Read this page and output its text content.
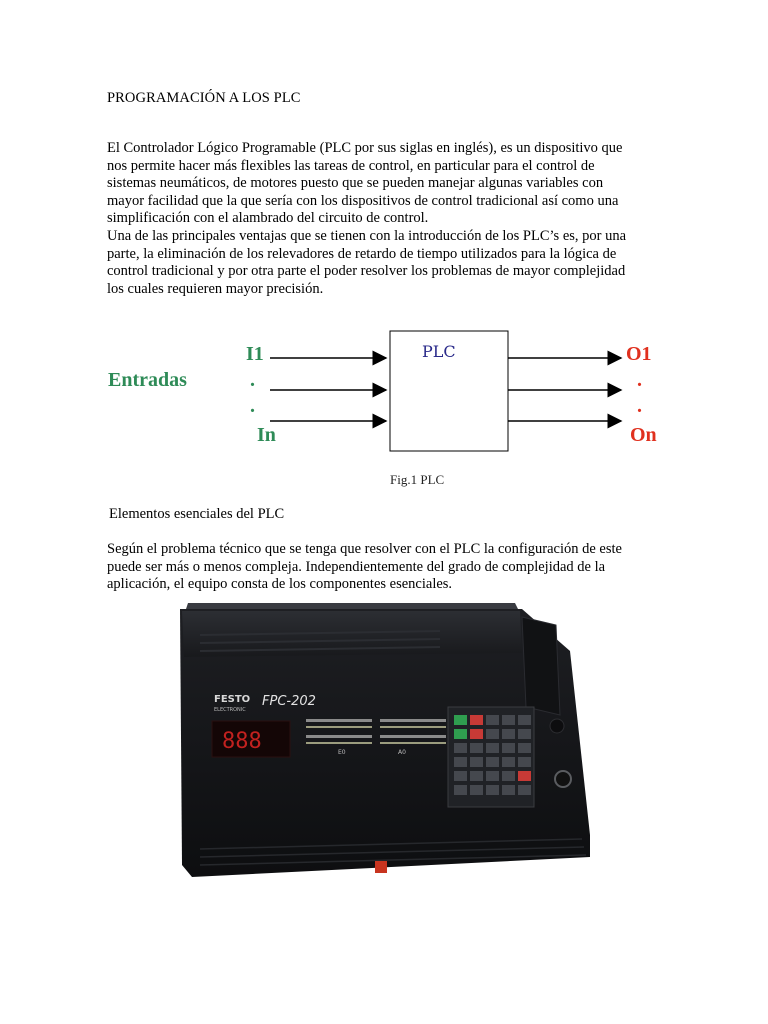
PROGRAMACIÓN A LOS PLC
El Controlador Lógico Programable (PLC por sus siglas en inglés), es un dispositivo que
nos permite hacer más flexibles las tareas de control, en particular para el control de
sistemas neumáticos, de motores puesto que se pueden manejar algunas variables con
mayor facilidad que la que sería con los dispositivos de control tradicional así como una
simplificación con el alambrado del circuito de control.
Una de las principales ventajas que se tienen con la introducción de los PLC’s es, por una
parte, la eliminación de los relevadores de retardo de tiempo utilizados para la lógica de
control tradicional y por otra parte el poder resolver los problemas de mayor complejidad
los cuales requieren mayor precisión.
Entradas
I1
.
.
In
PLC	O1
.
.
On
Fig.1 PLC
Elementos esenciales del PLC
Según el problema técnico que se tenga que resolver con el PLC la configuración de este
puede ser más o menos compleja. Independientemente del grado de complejidad de la
aplicación, el equipo consta de los componentes esenciales.
FESTO
ELECTRONIC
FPC-202
888	E0	A0
